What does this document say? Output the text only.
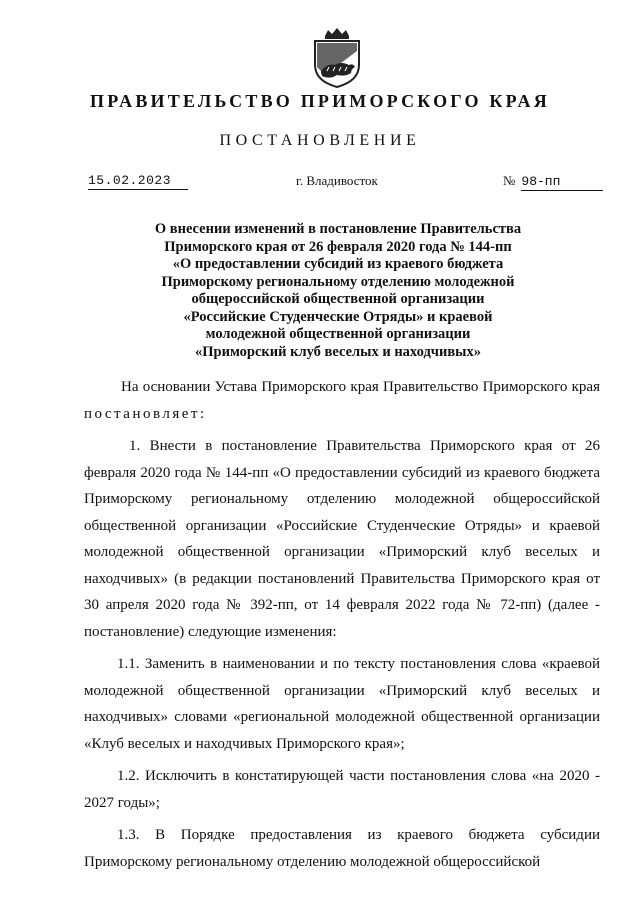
ПРАВИТЕЛЬСТВО ПРИМОРСКОГО КРАЯ
ПОСТАНОВЛЕНИЕ
15.02.2023	г. Владивосток	№ 98-пп
О внесении изменений в постановление Правительства
Приморского края от 26 февраля 2020 года № 144-пп
«О предоставлении субсидий из краевого бюджета
Приморскому региональному отделению молодежной
общероссийской общественной организации
«Российские Студенческие Отряды» и краевой
молодежной общественной организации
«Приморский клуб веселых и находчивых»

На основании Устава Приморского края Правительство Приморского края постановляет:

1. Внести в постановление Правительства Приморского края от 26 февраля 2020 года № 144-пп «О предоставлении субсидий из краевого бюджета Приморскому региональному отделению молодежной общероссийской общественной организации «Российские Студенческие Отряды» и краевой молодежной общественной организации «Приморский клуб веселых и находчивых» (в редакции постановлений Правительства Приморского края от 30 апреля 2020 года № 392-пп, от 14 февраля 2022 года № 72-пп) (далее - постановление) следующие изменения:

1.1. Заменить в наименовании и по тексту постановления слова «краевой молодежной общественной организации «Приморский клуб веселых и находчивых» словами «региональной молодежной общественной организации «Клуб веселых и находчивых Приморского края»;

1.2. Исключить в констатирующей части постановления слова «на 2020 - 2027 годы»;

1.3. В Порядке предоставления из краевого бюджета субсидии Приморскому региональному отделению молодежной общероссийской
